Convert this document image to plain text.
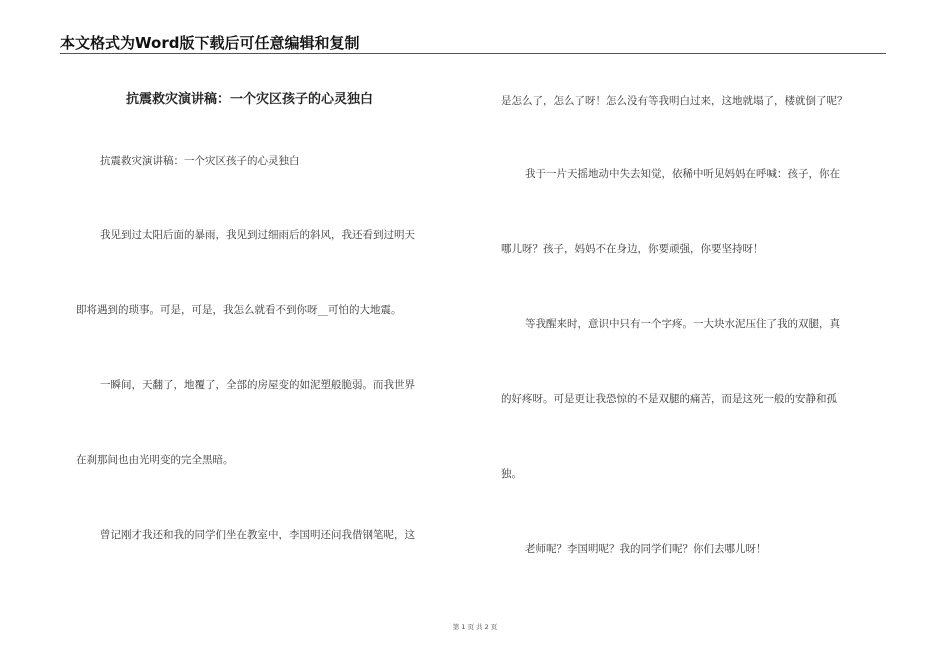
本文格式为Word版下载后可任意编辑和复制
抗震救灾演讲稿：一个灾区孩子的心灵独白
抗震救灾演讲稿：一个灾区孩子的心灵独白
我见到过太阳后面的暴雨，我见到过细雨后的斜风，我还看到过明天
即将遇到的琐事。可是，可是，我怎么就看不到你呀__可怕的大地震。
一瞬间，天翻了，地覆了，全部的房屋变的如泥塑般脆弱。而我世界
在刹那间也由光明变的完全黑暗。
曾记刚才我还和我的同学们坐在教室中，李国明还问我借钢笔呢，这
是怎么了，怎么了呀！怎么没有等我明白过来，这地就塌了，楼就倒了呢？
我于一片天摇地动中失去知觉，依稀中听见妈妈在呼喊：孩子，你在
哪儿呀？孩子，妈妈不在身边，你要顽强，你要坚持呀！
等我醒来时，意识中只有一个字疼。一大块水泥压住了我的双腿，真
的好疼呀。可是更让我恐惊的不是双腿的痛苦，而是这死一般的安静和孤
独。
老师呢？李国明呢？我的同学们呢？你们去哪儿呀！
第 1 页 共 2 页
